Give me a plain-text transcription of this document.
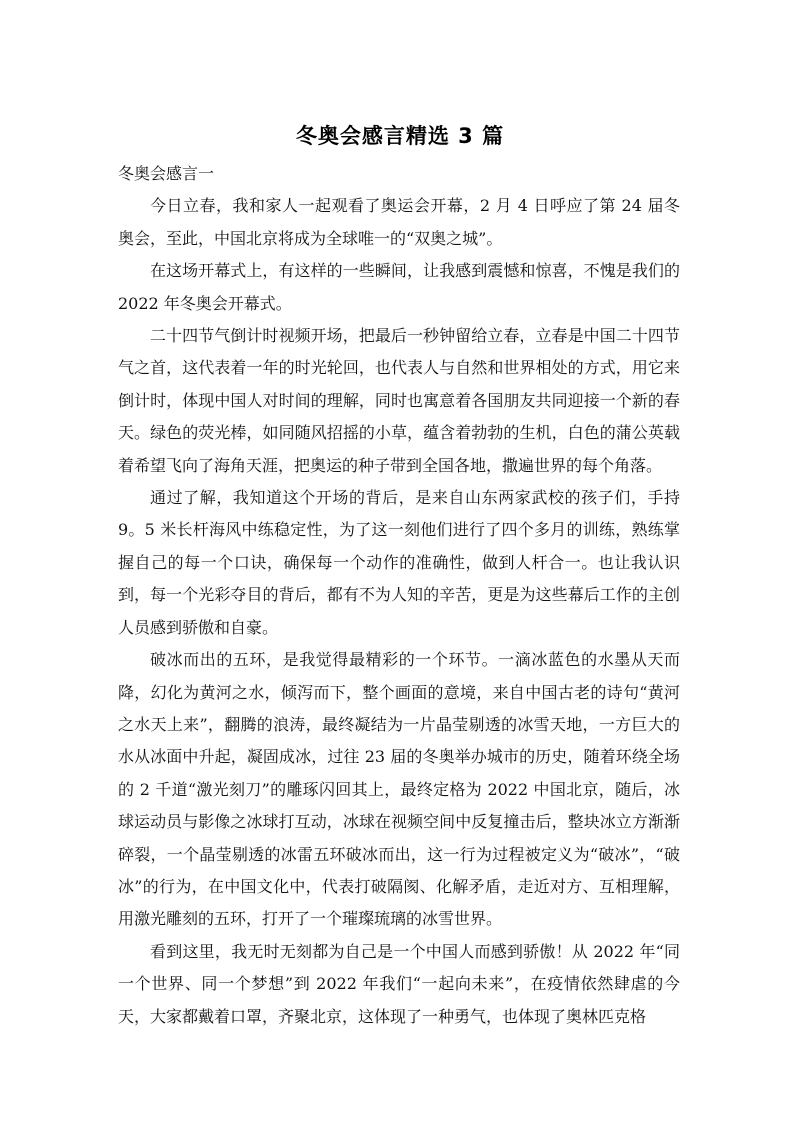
冬奥会感言精选 3 篇

冬奥会感言一

今日立春，我和家人一起观看了奥运会开幕，2 月 4 日呼应了第 24 届冬奥会，至此，中国北京将成为全球唯一的“双奥之城”。

在这场开幕式上，有这样的一些瞬间，让我感到震憾和惊喜，不愧是我们的 2022 年冬奥会开幕式。

二十四节气倒计时视频开场，把最后一秒钟留给立春，立春是中国二十四节气之首，这代表着一年的时光轮回，也代表人与自然和世界相处的方式，用它来倒计时，体现中国人对时间的理解，同时也寓意着各国朋友共同迎接一个新的春天。绿色的荧光棒，如同随风招摇的小草，蕴含着勃勃的生机，白色的蒲公英载着希望飞向了海角天涯，把奥运的种子带到全国各地，撒遍世界的每个角落。

通过了解，我知道这个开场的背后，是来自山东两家武校的孩子们，手持 9。5 米长杆海风中练稳定性，为了这一刻他们进行了四个多月的训练，熟练掌握自己的每一个口诀，确保每一个动作的准确性，做到人杆合一。也让我认识到，每一个光彩夺目的背后，都有不为人知的辛苦，更是为这些幕后工作的主创人员感到骄傲和自豪。

破冰而出的五环，是我觉得最精彩的一个环节。一滴冰蓝色的水墨从天而降，幻化为黄河之水，倾泻而下，整个画面的意境，来自中国古老的诗句“黄河之水天上来”，翻腾的浪涛，最终凝结为一片晶莹剔透的冰雪天地，一方巨大的水从冰面中升起，凝固成冰，过往 23 届的冬奥举办城市的历史，随着环绕全场的 2 千道“激光刻刀”的雕琢闪回其上，最终定格为 2022 中国北京，随后，冰球运动员与影像之冰球打互动，冰球在视频空间中反复撞击后，整块冰立方渐渐碎裂，一个晶莹剔透的冰雷五环破冰而出，这一行为过程被定义为“破冰”，“破冰”的行为，在中国文化中，代表打破隔阂、化解矛盾，走近对方、互相理解，用激光雕刻的五环，打开了一个璀璨琉璃的冰雪世界。

看到这里，我无时无刻都为自己是一个中国人而感到骄傲！从 2022 年“同一个世界、同一个梦想”到 2022 年我们“一起向未来”，在疫情依然肆虐的今天，大家都戴着口罩，齐聚北京，这体现了一种勇气，也体现了奥林匹克格
